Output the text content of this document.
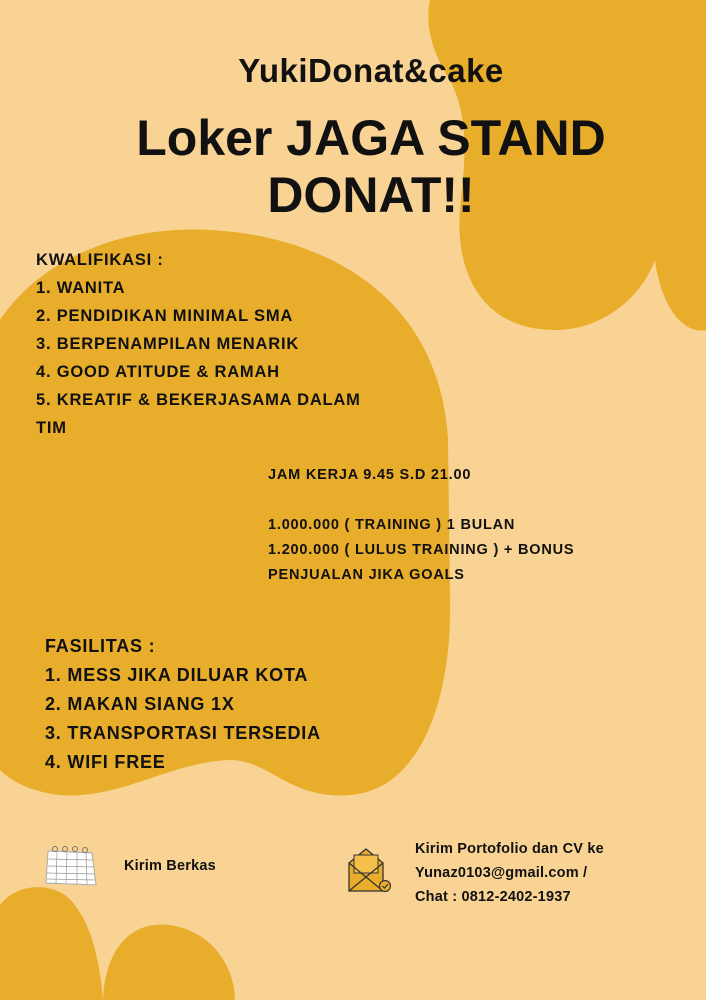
YukiDonat&cake

Loker JAGA STAND
DONAT!!
KWALIFIKASI :
1. WANITA
2. PENDIDIKAN MINIMAL SMA
3. BERPENAMPILAN MENARIK
4. GOOD ATITUDE & RAMAH
5. KREATIF & BEKERJASAMA DALAM
TIM
JAM KERJA 9.45 S.D 21.00
1.000.000 ( TRAINING ) 1 BULAN
1.200.000 ( LULUS TRAINING ) + BONUS
PENJUALAN JIKA GOALS
FASILITAS :
1. MESS JIKA DILUAR KOTA
2. MAKAN SIANG 1X
3. TRANSPORTASI TERSEDIA
4. WIFI FREE
Kirim Berkas
Kirim Portofolio dan CV ke
Yunaz0103@gmail.com /
Chat : 0812-2402-1937
